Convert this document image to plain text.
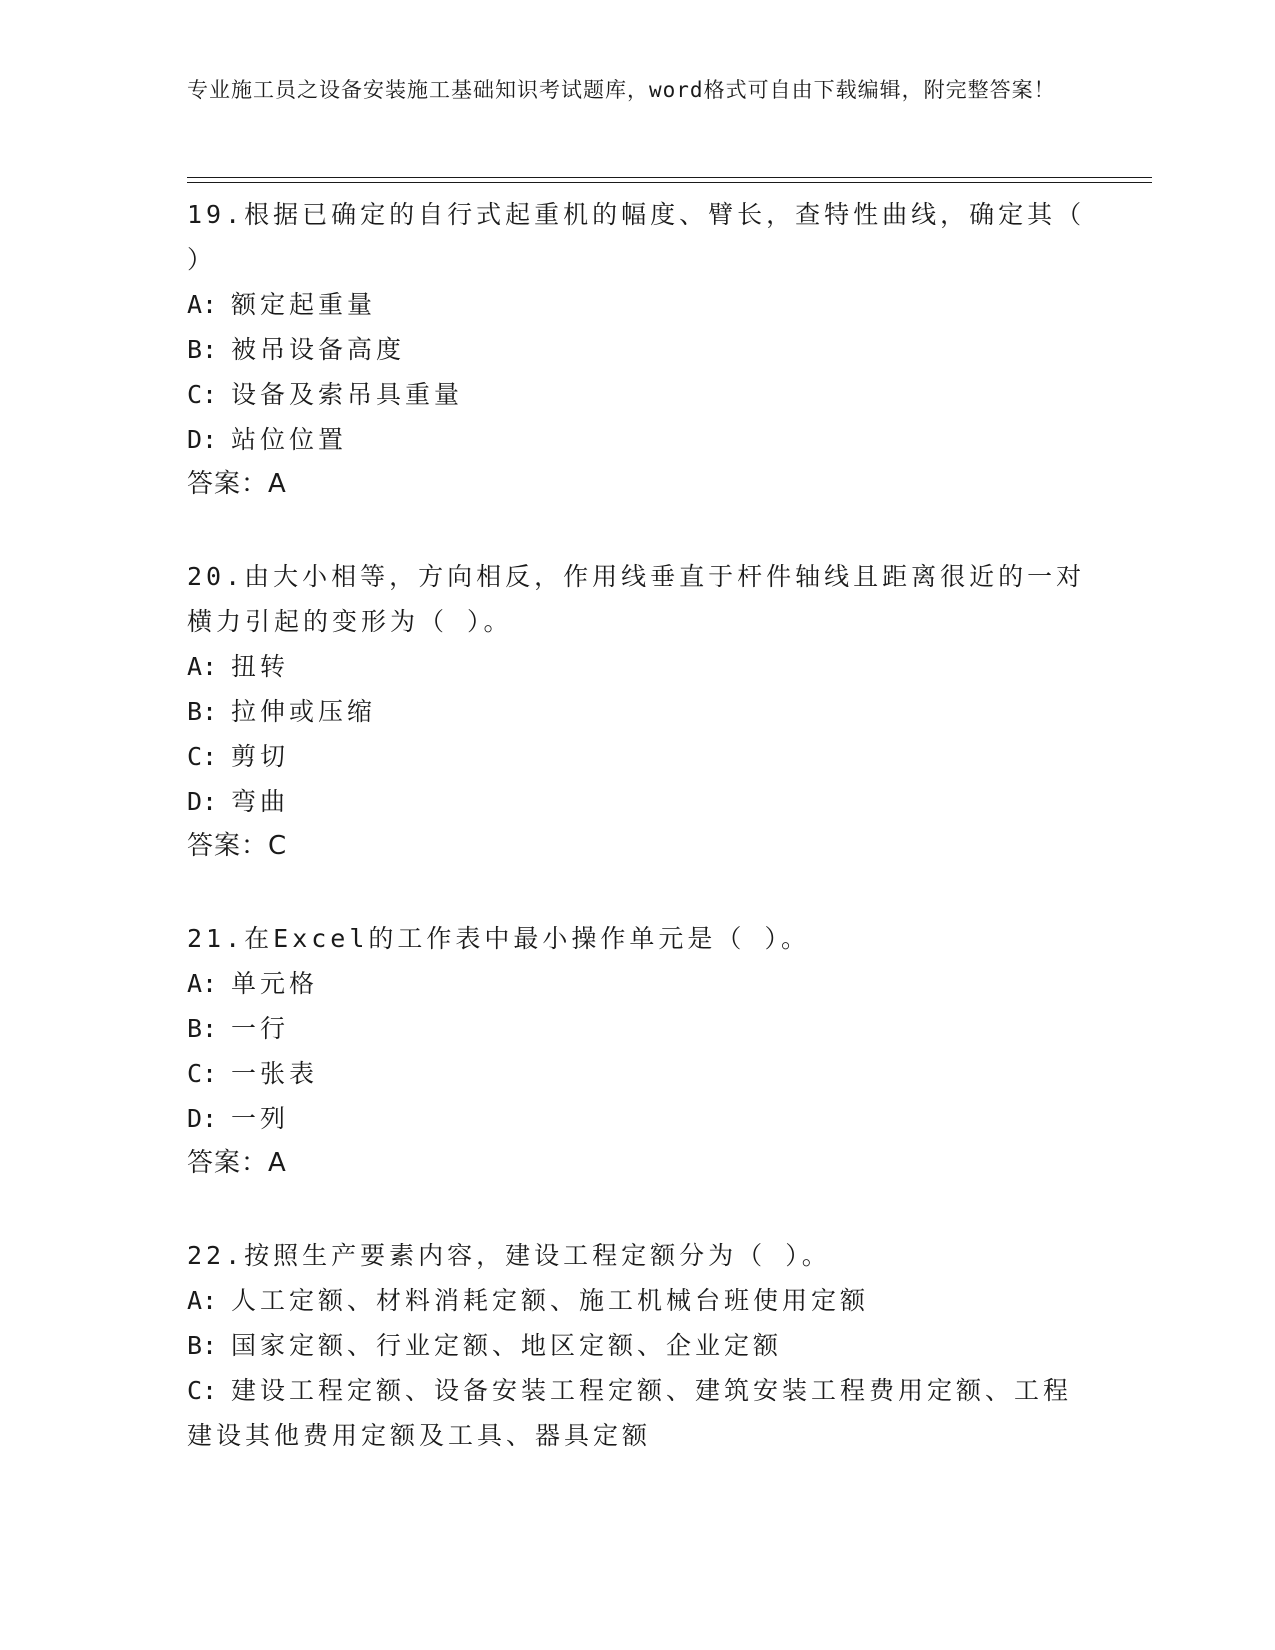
专业施工员之设备安装施工基础知识考试题库，word格式可自由下载编辑，附完整答案！

19.根据已确定的自行式起重机的幅度、臂长，查特性曲线，确定其（ ）

A: 额定起重量

B: 被吊设备高度

C: 设备及索吊具重量

D: 站位位置

答案：A

20.由大小相等，方向相反，作用线垂直于杆件轴线且距离很近的一对横力引起的变形为（ ）。

A: 扭转

B: 拉伸或压缩

C: 剪切

D: 弯曲

答案：C

21.在Excel的工作表中最小操作单元是（ ）。

A: 单元格

B: 一行

C: 一张表

D: 一列

答案：A

22.按照生产要素内容，建设工程定额分为（ ）。

A: 人工定额、材料消耗定额、施工机械台班使用定额

B: 国家定额、行业定额、地区定额、企业定额

C: 建设工程定额、设备安装工程定额、建筑安装工程费用定额、工程建设其他费用定额及工具、器具定额
